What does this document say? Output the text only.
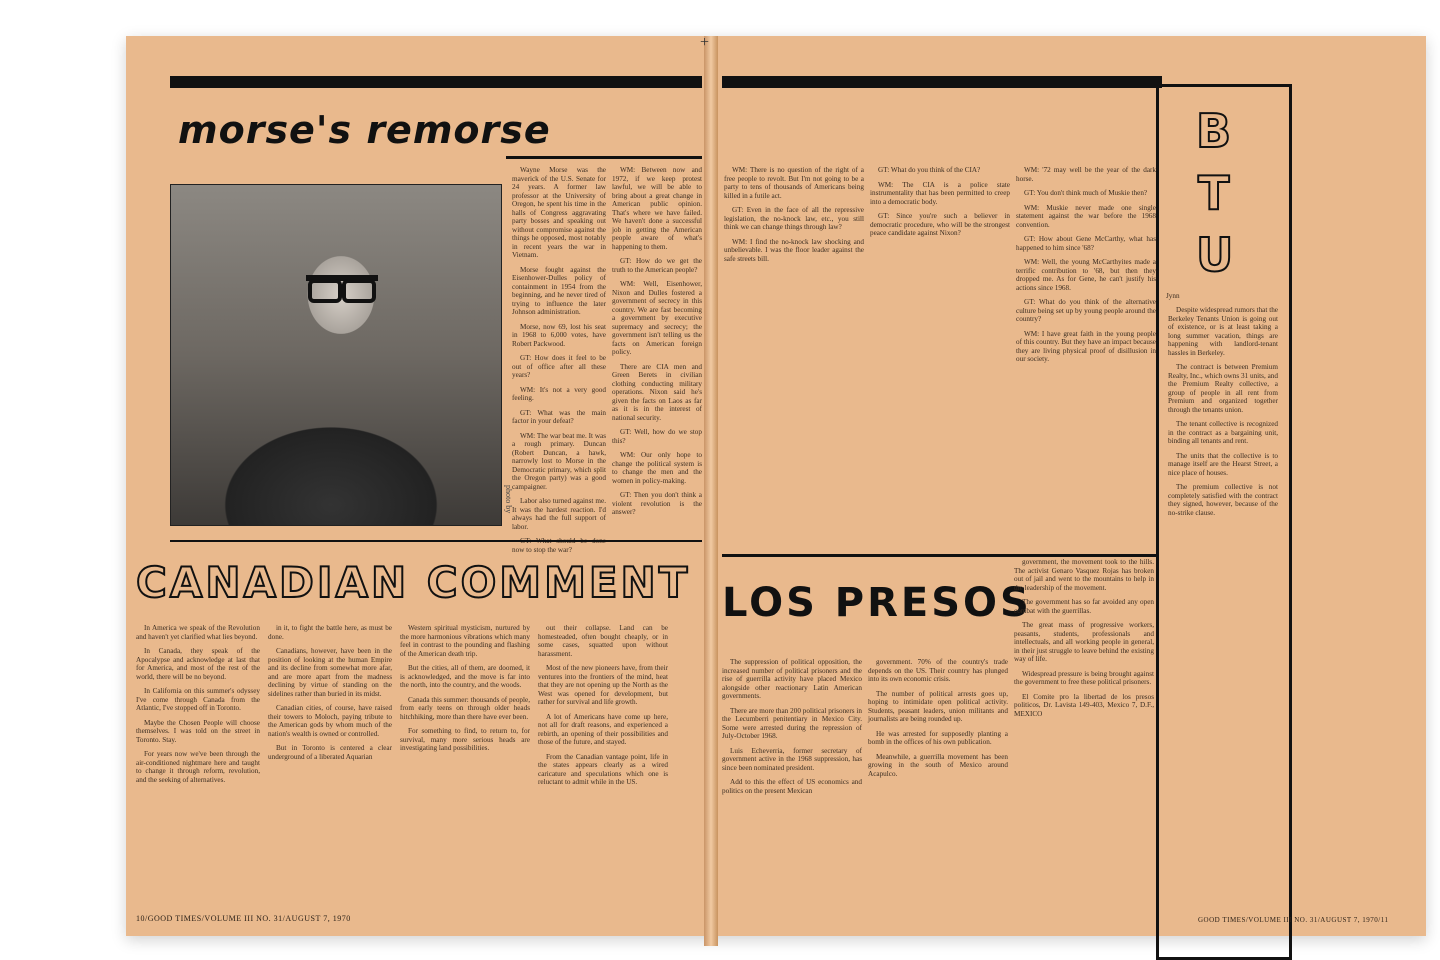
morse's remorse
photo by

Wayne Morse was the maverick of the U.S. Senate for 24 years. A former law professor at the University of Oregon, he spent his time in the halls of Congress aggravating party bosses and speaking out without compromise against the things he opposed, most notably in recent years the war in Vietnam.

Morse fought against the Eisenhower-Dulles policy of containment in 1954 from the beginning, and he never tired of trying to influence the later Johnson administration.

Morse, now 69, lost his seat in 1968 to 6,000 votes, have Robert Packwood.

GT: How does it feel to be out of office after all these years?

WM: It's not a very good feeling.

GT: What was the main factor in your defeat?

WM: The war beat me. It was a rough primary. Duncan (Robert Duncan, a hawk, narrowly lost to Morse in the Democratic primary, which split the Oregon party) was a good campaigner.

Labor also turned against me. It was the hardest reaction. I'd always had the full support of labor.

now to stop the war?

WM: Between now and 1972, if we keep protest lawful, we will be able to bring about a great change in American public opinion. That's where we have failed. We haven't done a successful job in getting the American people aware of what's happening to them.

GT: How do we get the truth to the American people?

WM: Well, Eisenhower, Nixon and Dulles fostered a government of secrecy in this country. We are fast becoming a government by executive supremacy and secrecy; the government isn't telling us the facts on American foreign policy.

There are CIA men and Green Berets in civilian clothing conducting military operations. Nixon said he's given the facts on Laos as far as it is in the interest of national security.

GT: Well, how do we stop this?

WM: Our only hope to change the political system is to change the men and the women in policy-making.

GT: Then you don't think a violent revolution is the answer?

CANADIAN COMMENT

In America we speak of the Revolution and haven't yet clarified what lies beyond.

In Canada, they speak of the Apocalypse and acknowledge at last that for America, and most of the rest of the world, there will be no beyond.

In California on this summer's odyssey I've come through Canada from the Atlantic, I've stopped off in Toronto.

Maybe the Chosen People will choose themselves. I was told on the street in Toronto. Stay.

For years now we've been through the air-conditioned nightmare here and taught to change it through reform, revolution, and the seeking of alternatives.

in it, to fight the battle here, as must be done.

Canadians, however, have been in the position of looking at the human Empire and its decline from somewhat more afar, and are more apart from the madness declining by virtue of standing on the sidelines rather than buried in its midst.

Canadian cities, of course, have raised their towers to Moloch, paying tribute to the American gods by whom much of the nation's wealth is owned or controlled.

But in Toronto is centered a clear underground of a liberated Aquarian

Western spiritual mysticism, nurtured by the more harmonious vibrations which many feel in contrast to the pounding and flashing of the American death trip.

But the cities, all of them, are doomed, it is acknowledged, and the move is far into the north, into the country, and the woods.

Canada this summer: thousands of people, from early teens on through older heads hitchhiking, more than there have ever been.

For something to find, to return to, for survival, many more serious heads are investigating land possibilities.

out their collapse. Land can be homesteaded, often bought cheaply, or in some cases, squatted upon without harassment.

Most of the new pioneers have, from their ventures into the frontiers of the mind, heat that they are not opening up the North as the West was opened for development, but rather for survival and life growth.

A lot of Americans have come up here, not all for draft reasons, and experienced a rebirth, an opening of their possibilities and those of the future, and stayed.

From the Canadian vantage point, life in the states appears clearly as a wired caricature and speculations which one is reluctant to admit while in the US.

10/GOOD TIMES/VOLUME III NO. 31/AUGUST 7, 1970

WM: There is no question of the right of a free people to revolt. But I'm not going to be a party to tens of thousands of Americans being killed in a futile act.

GT: Even in the face of all the repressive legislation, the no-knock law, etc., you still think we can change things through law?

WM: I find the no-knock law shocking and unbelievable. I was the floor leader against the safe streets bill.

GT: What do you think of the CIA?

WM: The CIA is a police state instrumentality that has been permitted to creep into a democratic body.

GT: Since you're such a believer in democratic procedure, who will be the strongest peace candidate against Nixon?

WM: '72 may well be the year of the dark horse.

GT: You don't think much of Muskie then?

WM: Muskie never made one single statement against the war before the 1968 convention.

GT: How about Gene McCarthy, what has happened to him since '68?

WM: Well, the young McCarthyites made a terrific contribution to '68, but then they dropped me. As for Gene, he can't justify his actions since 1968.

GT: What do you think of the alternative culture being set up by young people around the country?

WM: I have great faith in the young people of this country. But they have an impact because they are living physical proof of disillusion in our society.

LOS PRESOS

The suppression of political opposition, the increased number of political prisoners and the rise of guerrilla activity have placed Mexico alongside other reactionary Latin American governments.

There are more than 200 political prisoners in the Lecumberri penitentiary in Mexico City. Some were arrested during the repression of July-October 1968.

Luis Echeverria, former secretary of government active in the 1968 suppression, has since been nominated president.

Add to this the effect of US economics and politics on the present Mexican

government. 70% of the country's trade depends on the US. Their country has plunged into its own economic crisis.

The number of political arrests goes up, hoping to intimidate open political activity. Students, peasant leaders, union militants and journalists are being rounded up.

He was arrested for supposedly planting a bomb in the offices of his own publication.

Meanwhile, a guerrilla movement has been growing in the south of Mexico around Acapulco.

government, the movement took to the hills. The activist Genaro Vasquez Rojas has broken out of jail and went to the mountains to help in the leadership of the movement.

The government has so far avoided any open combat with the guerrillas.

The great mass of progressive workers, peasants, students, professionals and intellectuals, and all working people in general, in their just struggle to leave behind the existing way of life.

Widespread pressure is being brought against the government to free these political prisoners.

El Comite pro la libertad de los presos politicos, Dr. Lavista 149-403, Mexico 7, D.F., MEXICO

B
T
U
Jynn

Despite widespread rumors that the Berkeley Tenants Union is going out of existence, or is at least taking a long summer vacation, things are happening with landlord-tenant hassles in Berkeley.

The contract is between Premium Realty, Inc., which owns 31 units, and the Premium Realty collective, a group of people in all rent from Premium and organized together through the tenants union.

The tenant collective is recognized in the contract as a bargaining unit, binding all tenants and rent.

The units that the collective is to manage itself are the Hearst Street, a nice place of houses.

The premium collective is not completely satisfied with the contract they signed, however, because of the no-strike clause.

GOOD TIMES/VOLUME III NO. 31/AUGUST 7, 1970/11
+
